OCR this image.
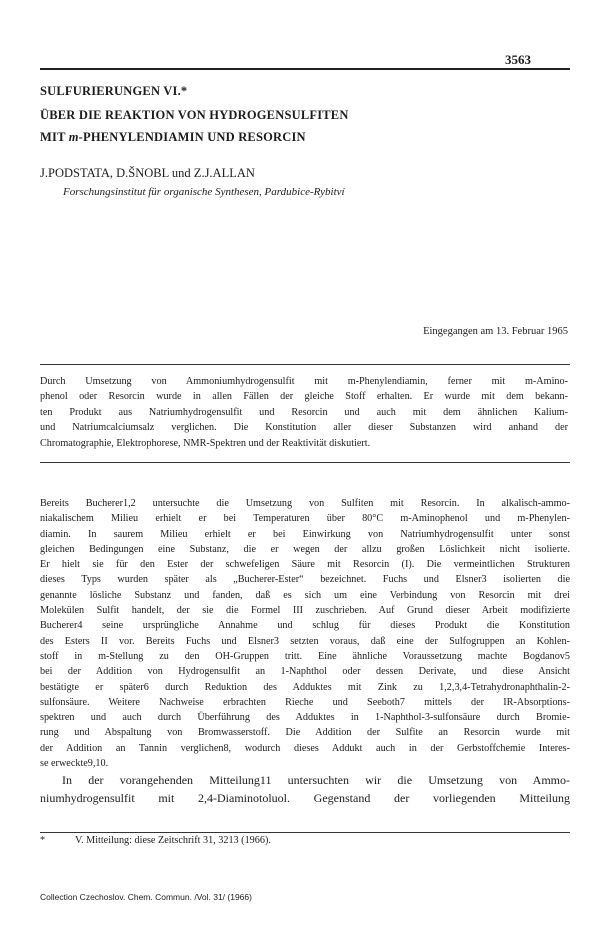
3563
SULFURIERUNGEN VI.*
ÜBER DIE REAKTION VON HYDROGENSULFITEN
MIT m-PHENYLENDIAMIN UND RESORCIN
J.PODSTATA, D.ŠNOBL und Z.J.ALLAN
Forschungsinstitut für organische Synthesen, Pardubice-Rybitví
Eingegangen am 13. Februar 1965
Durch Umsetzung von Ammoniumhydrogensulfit mit m-Phenylendiamin, ferner mit m-Amino-
phenol oder Resorcin wurde in allen Fällen der gleiche Stoff erhalten. Er wurde mit dem bekann-
ten Produkt aus Natriumhydrogensulfit und Resorcin und auch mit dem ähnlichen Kalium-
und Natriumcalciumsalz verglichen. Die Konstitution aller dieser Substanzen wird anhand der
Chromatographie, Elektrophorese, NMR-Spektren und der Reaktivität diskutiert.
Bereits Bucherer1,2 untersuchte die Umsetzung von Sulfiten mit Resorcin. In alkalisch-ammo-
niakalischem Milieu erhielt er bei Temperaturen über 80°C m-Aminophenol und m-Phenylen-
diamin. In saurem Milieu erhielt er bei Einwirkung von Natriumhydrogensulfit unter sonst
gleichen Bedingungen eine Substanz, die er wegen der allzu großen Löslichkeit nicht isolierte.
Er hielt sie für den Ester der schwefeligen Säure mit Resorcin (I). Die vermeintlichen Strukturen
dieses Typs wurden später als „Bucherer-Ester“ bezeichnet. Fuchs und Elsner3 isolierten die
genannte lösliche Substanz und fanden, daß es sich um eine Verbindung von Resorcin mit drei
Molekülen Sulfit handelt, der sie die Formel III zuschrieben. Auf Grund dieser Arbeit modifizierte
Bucherer4 seine ursprüngliche Annahme und schlug für dieses Produkt die Konstitution
des Esters II vor. Bereits Fuchs und Elsner3 setzten voraus, daß eine der Sulfogruppen an Kohlen-
stoff in m-Stellung zu den OH-Gruppen tritt. Eine ähnliche Voraussetzung machte Bogdanov5
bei der Addition von Hydrogensulfit an 1-Naphthol oder dessen Derivate, und diese Ansicht
bestätigte er später6 durch Reduktion des Adduktes mit Zink zu 1,2,3,4-Tetrahydronaphthalin-2-
sulfonsäure. Weitere Nachweise erbrachten Rieche und Seeboth7 mittels der IR-Absorptions-
spektren und auch durch Überführung des Adduktes in 1-Naphthol-3-sulfonsäure durch Bromie-
rung und Abspaltung von Bromwasserstoff. Die Addition der Sulfite an Resorcin wurde mit
der Addition an Tannin verglichen8, wodurch dieses Addukt auch in der Gerbstoffchemie Interes-
se erweckte9,10.
In der vorangehenden Mitteilung11 untersuchten wir die Umsetzung von Ammo-
niumhydrogensulfit mit 2,4-Diaminotoluol. Gegenstand der vorliegenden Mitteilung
*	V. Mitteilung: diese Zeitschrift 31, 3213 (1966).
Collection Czechoslov. Chem. Commun. /Vol. 31/ (1966)
